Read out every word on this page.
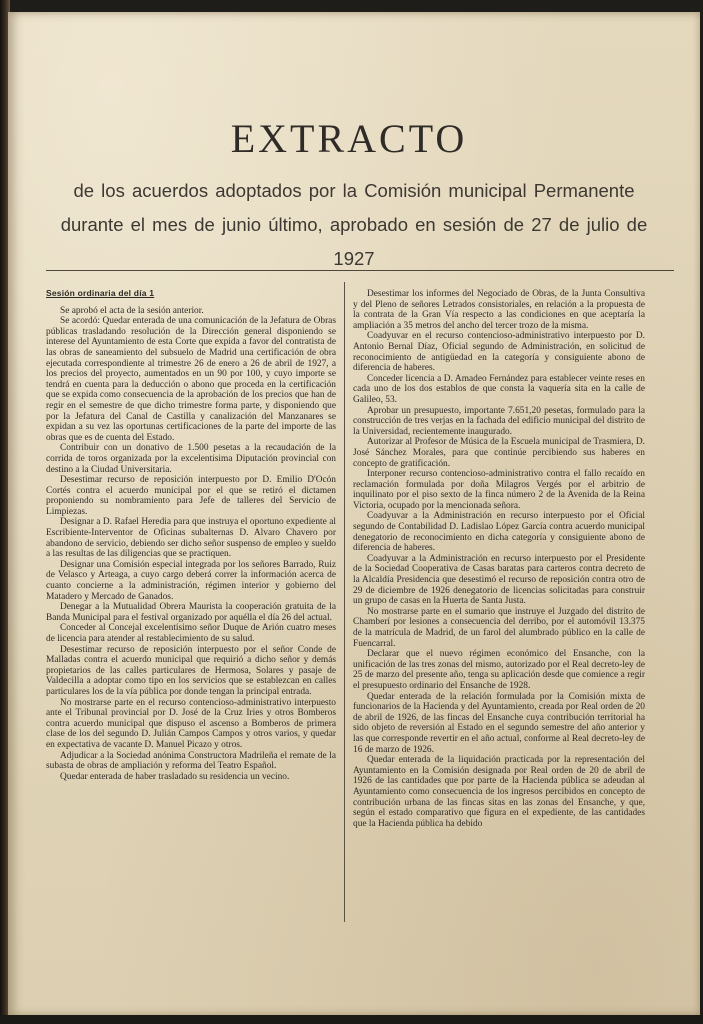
EXTRACTO
de los acuerdos adoptados por la Comisión municipal Permanente durante el mes de junio último, aprobado en sesión de 27 de julio de 1927
Sesión ordinaria del día 1

Se aprobó el acta de la sesión anterior.

Se acordó: Quedar enterada de una comunicación de la Jefatura de Obras públicas trasladando resolución de la Dirección general disponiendo se interese del Ayuntamiento de esta Corte que expida a favor del contratista de las obras de saneamiento del subsuelo de Madrid una certificación de obra ejecutada correspondiente al trimestre 26 de enero a 26 de abril de 1927, a los precios del proyecto, aumentados en un 90 por 100, y cuyo importe se tendrá en cuenta para la deducción o abono que proceda en la certificación que se expida como consecuencia de la aprobación de los precios que han de regir en el semestre de que dicho trimestre forma parte, y disponiendo que por la Jefatura del Canal de Castilla y canalización del Manzanares se expidan a su vez las oportunas certificaciones de la parte del importe de las obras que es de cuenta del Estado.

Contribuir con un donativo de 1.500 pesetas a la recaudación de la corrida de toros organizada por la excelentísima Diputación provincial con destino a la Ciudad Universitaria.

Desestimar recurso de reposición interpuesto por D. Emilio D'Ocón Cortés contra el acuerdo municipal por el que se retiró el dictamen proponiendo su nombramiento para Jefe de talleres del Servicio de Limpiezas.

Designar a D. Rafael Heredia para que instruya el oportuno expediente al Escribiente-Interventor de Oficinas subalternas D. Alvaro Chavero por abandono de servicio, debiendo ser dicho señor suspenso de empleo y sueldo a las resultas de las diligencias que se practiquen.

Designar una Comisión especial integrada por los señores Barrado, Ruiz de Velasco y Arteaga, a cuyo cargo deberá correr la información acerca de cuanto concierne a la administración, régimen interior y gobierno del Matadero y Mercado de Ganados.

Denegar a la Mutualidad Obrera Maurista la cooperación gratuita de la Banda Municipal para el festival organizado por aquélla el día 26 del actual.

Conceder al Concejal excelentísimo señor Duque de Arión cuatro meses de licencia para atender al restablecimiento de su salud.

Desestimar recurso de reposición interpuesto por el señor Conde de Malladas contra el acuerdo municipal que requirió a dicho señor y demás propietarios de las calles particulares de Hermosa, Solares y pasaje de Valdecilla a adoptar como tipo en los servicios que se establezcan en calles particulares los de la vía pública por donde tengan la principal entrada.

No mostrarse parte en el recurso contencioso-administrativo interpuesto ante el Tribunal provincial por D. José de la Cruz Iries y otros Bomberos contra acuerdo municipal que dispuso el ascenso a Bomberos de primera clase de los del segundo D. Julián Campos Campos y otros varios, y quedar en expectativa de vacante D. Manuel Picazo y otros.

Adjudicar a la Sociedad anónima Constructora Madrileña el remate de la subasta de obras de ampliación y reforma del Teatro Español.

Quedar enterada de haber trasladado su residencia un vecino.

Desestimar los informes del Negociado de Obras, de la Junta Consultiva y del Pleno de señores Letrados consistoriales, en relación a la propuesta de la contrata de la Gran Vía respecto a las condiciones en que aceptaría la ampliación a 35 metros del ancho del tercer trozo de la misma.

Coadyuvar en el recurso contencioso-administrativo interpuesto por D. Antonio Bernal Díaz, Oficial segundo de Administración, en solicitud de reconocimiento de antigüedad en la categoría y consiguiente abono de diferencia de haberes.

Conceder licencia a D. Amadeo Fernández para establecer veinte reses en cada uno de los dos establos de que consta la vaquería sita en la calle de Galileo, 53.

Aprobar un presupuesto, importante 7.651,20 pesetas, formulado para la construcción de tres verjas en la fachada del edificio municipal del distrito de la Universidad, recientemente inaugurado.

Autorizar al Profesor de Música de la Escuela municipal de Trasmiera, D. José Sánchez Morales, para que continúe percibiendo sus haberes en concepto de gratificación.

Interponer recurso contencioso-administrativo contra el fallo recaído en reclamación formulada por doña Milagros Vergés por el arbitrio de inquilinato por el piso sexto de la finca número 2 de la Avenida de la Reina Victoria, ocupado por la mencionada señora.

Coadyuvar a la Administración en recurso interpuesto por el Oficial segundo de Contabilidad D. Ladislao López García contra acuerdo municipal denegatorio de reconocimiento en dicha categoría y consiguiente abono de diferencia de haberes.

Coadyuvar a la Administración en recurso interpuesto por el Presidente de la Sociedad Cooperativa de Casas baratas para carteros contra decreto de la Alcaldía Presidencia que desestimó el recurso de reposición contra otro de 29 de diciembre de 1926 denegatorio de licencias solicitadas para construir un grupo de casas en la Huerta de Santa Justa.

No mostrarse parte en el sumario que instruye el Juzgado del distrito de Chamberí por lesiones a consecuencia del derribo, por el automóvil 13.375 de la matrícula de Madrid, de un farol del alumbrado público en la calle de Fuencarral.

Declarar que el nuevo régimen económico del Ensanche, con la unificación de las tres zonas del mismo, autorizado por el Real decreto-ley de 25 de marzo del presente año, tenga su aplicación desde que comience a regir el presupuesto ordinario del Ensanche de 1928.

Quedar enterada de la relación formulada por la Comisión mixta de funcionarios de la Hacienda y del Ayuntamiento, creada por Real orden de 20 de abril de 1926, de las fincas del Ensanche cuya contribución territorial ha sido objeto de reversión al Estado en el segundo semestre del año anterior y las que corresponde revertir en el año actual, conforme al Real decreto-ley de 16 de marzo de 1926.

Quedar enterada de la liquidación practicada por la representación del Ayuntamiento en la Comisión designada por Real orden de 20 de abril de 1926 de las cantidades que por parte de la Hacienda pública se adeudan al Ayuntamiento como consecuencia de los ingresos percibidos en concepto de contribución urbana de las fincas sitas en las zonas del Ensanche, y que, según el estado comparativo que figura en el expediente, de las cantidades que la Hacienda pública ha debido
